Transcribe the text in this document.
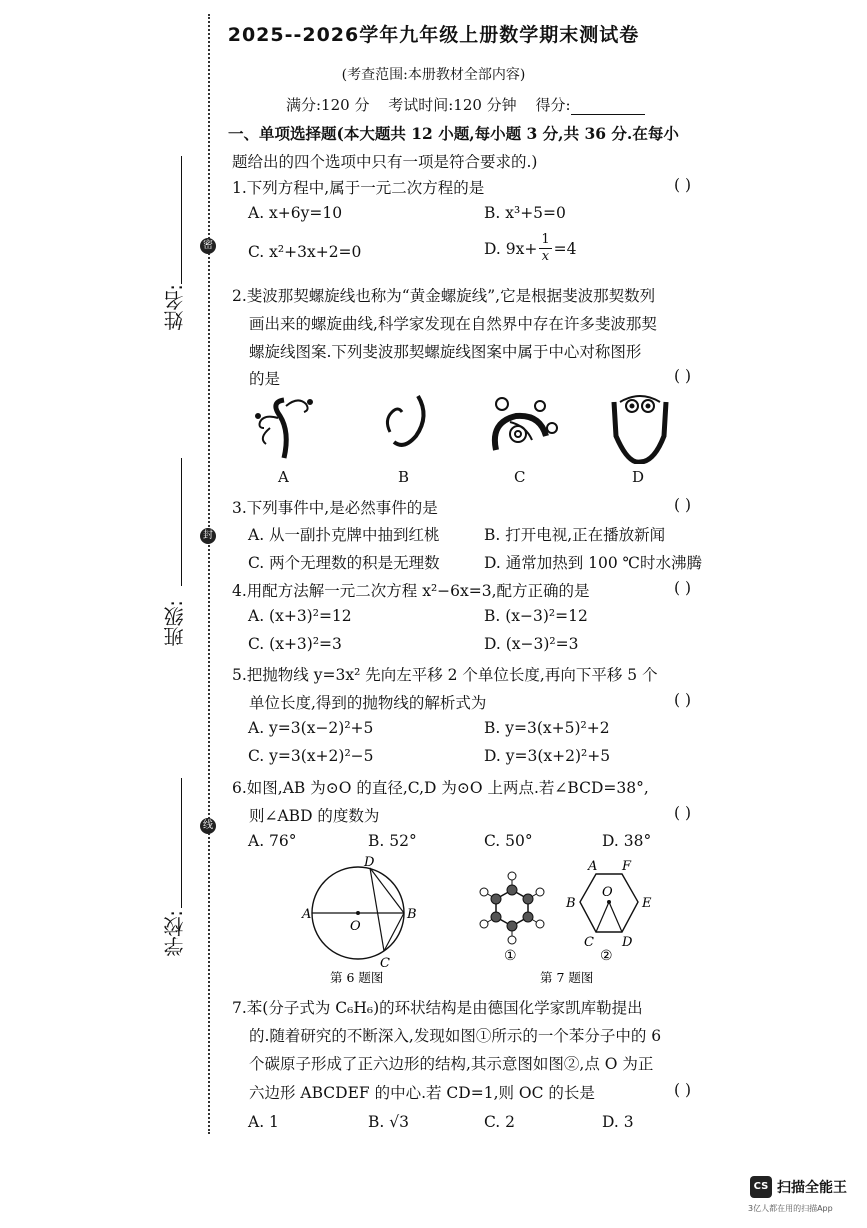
2025--2026学年九年级上册数学期末测试卷
(考查范围:本册教材全部内容)
满分:120 分 考试时间:120 分钟 得分:
密
封
线
姓名:
班级:
学校:
一、单项选择题(本大题共 12 小题,每小题 3 分,共 36 分.在每小
题给出的四个选项中只有一项是符合要求的.)
1.下列方程中,属于一元二次方程的是	( )
A. x+6y=10	B. x³+5=0
C. x²+3x+2=0	D. $9x+ \frac{1}{x} =4$
2.斐波那契螺旋线也称为“黄金螺旋线”,它是根据斐波那契数列
画出来的螺旋曲线,科学家发现在自然界中存在许多斐波那契
螺旋线图案.下列斐波那契螺旋线图案中属于中心对称图形
的是	( )
A	B	C	D
3.下列事件中,是必然事件的是	( )
A. 从一副扑克牌中抽到红桃	B. 打开电视,正在播放新闻
C. 两个无理数的积是无理数	D. 通常加热到 100 ℃时水沸腾
4.用配方法解一元二次方程 x²−6x=3,配方正确的是	( )
A. (x+3)²=12	B. (x−3)²=12
C. (x+3)²=3	D. (x−3)²=3
5.把抛物线 y=3x² 先向左平移 2 个单位长度,再向下平移 5 个
单位长度,得到的抛物线的解析式为	( )
A. y=3(x−2)²+5	B. y=3(x+5)²+2
C. y=3(x+2)²−5	D. y=3(x+2)²+5
6.如图,AB 为⊙O 的直径,C,D 为⊙O 上两点.若∠BCD=38°,
则∠ABD 的度数为	( )
A. 76°	B. 52°	C. 50°	D. 38°
A	B
C
D
O
①
A F
B	E
C D
O
②
第 6 题图	第 7 题图
7.苯(分子式为 C₆H₆)的环状结构是由德国化学家凯库勒提出
的.随着研究的不断深入,发现如图①所示的一个苯分子中的 6
个碳原子形成了正六边形的结构,其示意图如图②,点 O 为正
六边形 ABCDEF 的中心.若 CD=1,则 OC 的长是	( )
A. 1	B. √3	C. 2	D. 3
CS 扫描全能王
3亿人都在用的扫描App
